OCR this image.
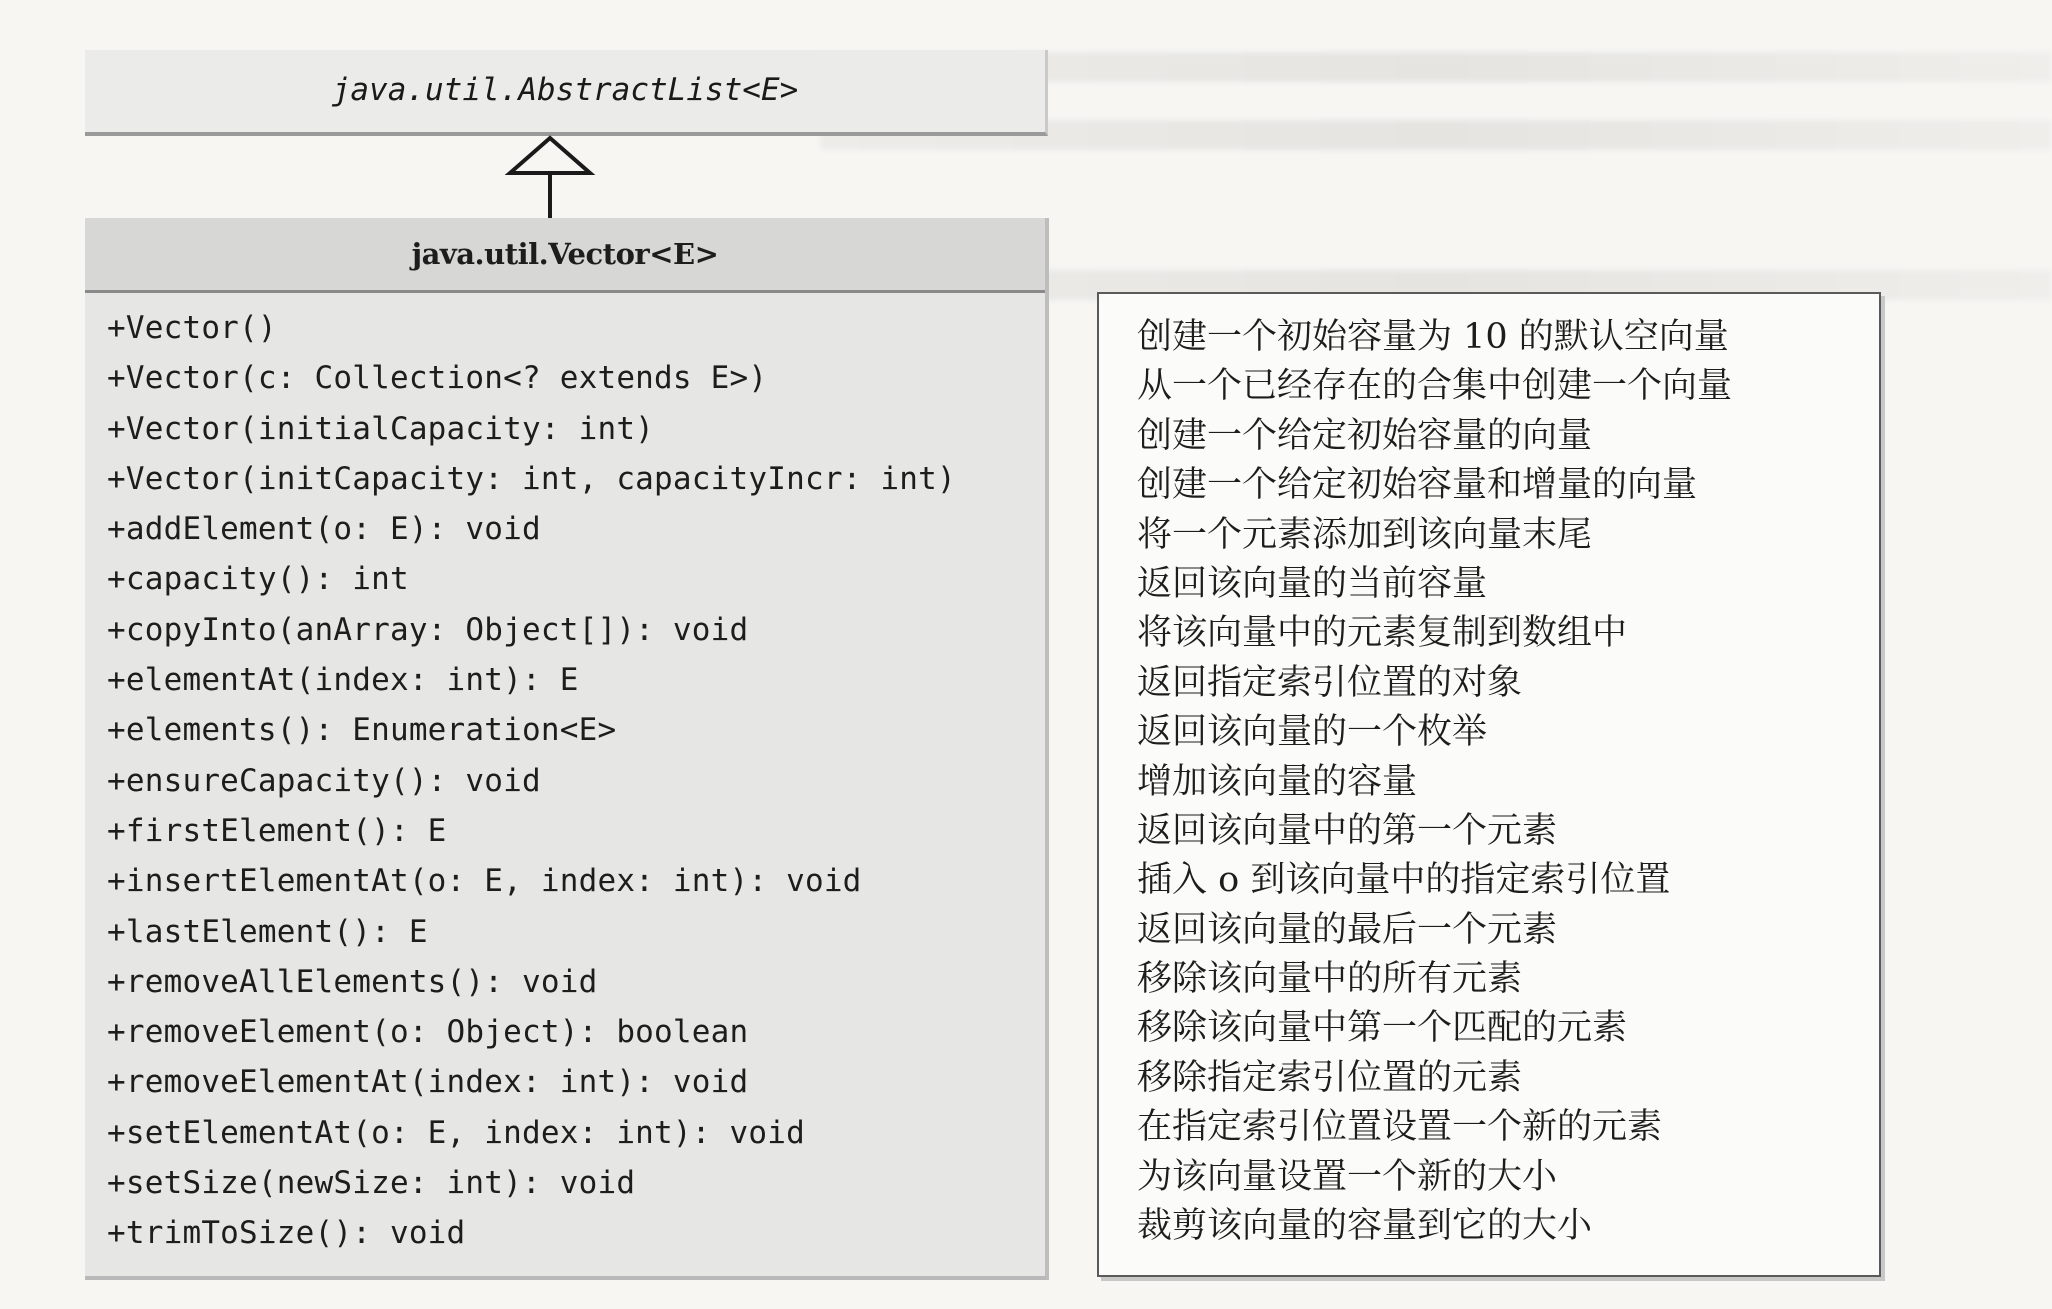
java.util.AbstractList<E>
java.util.Vector<E>
+Vector()
+Vector(c: Collection<? extends E>)
+Vector(initialCapacity: int)
+Vector(initCapacity: int, capacityIncr: int)
+addElement(o: E): void
+capacity(): int
+copyInto(anArray: Object[]): void
+elementAt(index: int): E
+elements(): Enumeration<E>
+ensureCapacity(): void
+firstElement(): E
+insertElementAt(o: E, index: int): void
+lastElement(): E
+removeAllElements(): void
+removeElement(o: Object): boolean
+removeElementAt(index: int): void
+setElementAt(o: E, index: int): void
+setSize(newSize: int): void
+trimToSize(): void
创建一个初始容量为 10 的默认空向量
从一个已经存在的合集中创建一个向量
创建一个给定初始容量的向量
创建一个给定初始容量和增量的向量
将一个元素添加到该向量末尾
返回该向量的当前容量
将该向量中的元素复制到数组中
返回指定索引位置的对象
返回该向量的一个枚举
增加该向量的容量
返回该向量中的第一个元素
插入 o 到该向量中的指定索引位置
返回该向量的最后一个元素
移除该向量中的所有元素
移除该向量中第一个匹配的元素
移除指定索引位置的元素
在指定索引位置设置一个新的元素
为该向量设置一个新的大小
裁剪该向量的容量到它的大小
